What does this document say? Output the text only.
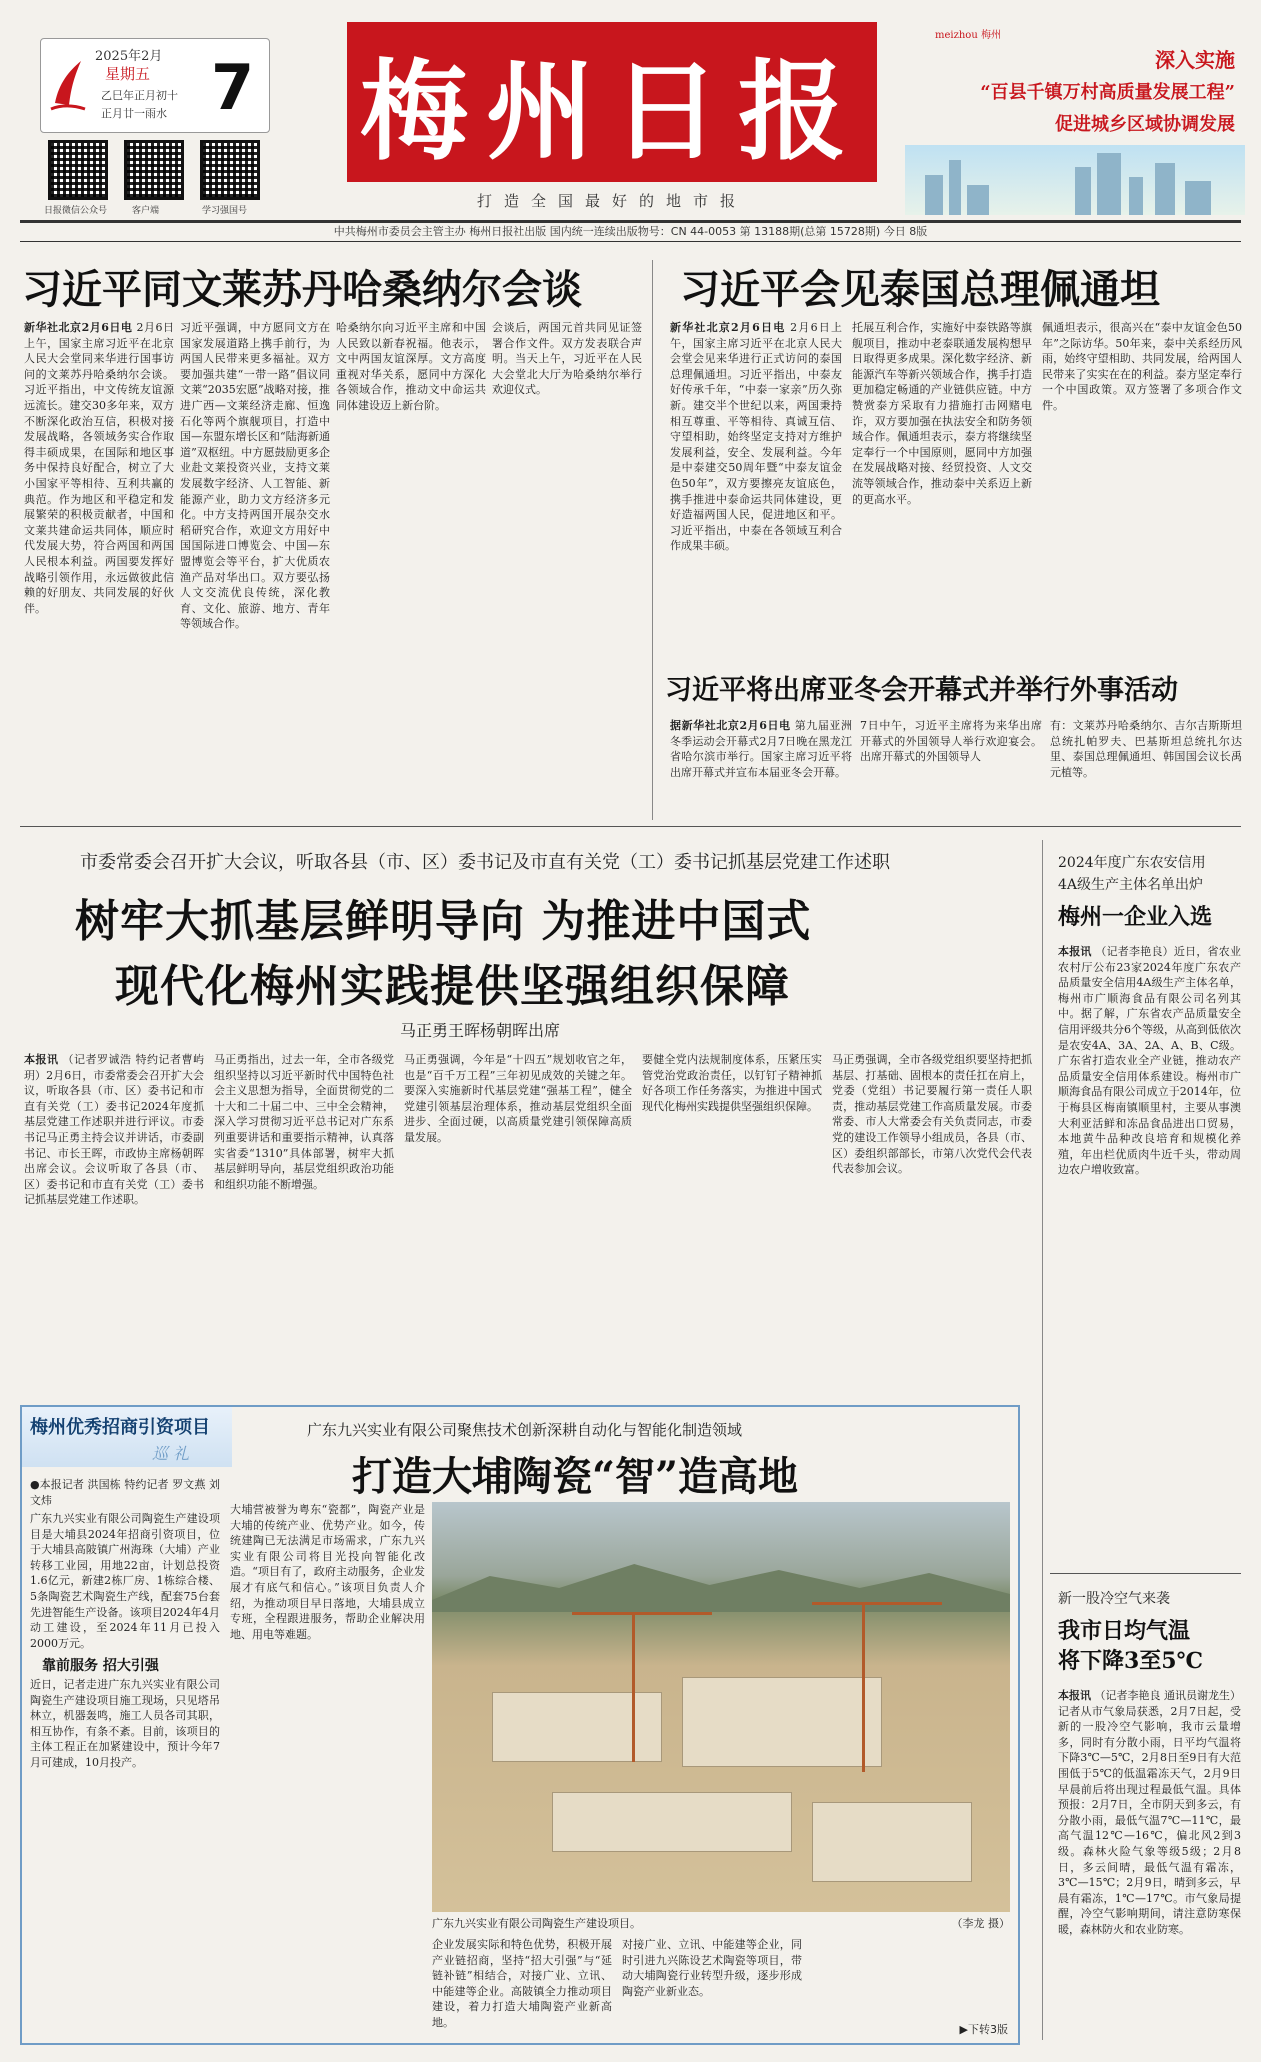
2025年2月
星期五
乙巳年正月初十
正月廿一雨水 7
日报微信公众号	客户端	学习强国号
梅州日报
打造全国最好的地市报
meizhou 梅州
深入实施
“百县千镇万村高质量发展工程”
促进城乡区域协调发展
中共梅州市委员会主管主办 梅州日报社出版 国内统一连续出版物号：CN 44-0053 第 13188期(总第 15728期) 今日 8版
习近平同文莱苏丹哈桑纳尔会谈
新华社北京2月6日电 2月6日上午，国家主席习近平在北京人民大会堂同来华进行国事访问的文莱苏丹哈桑纳尔会谈。习近平指出，中文传统友谊源远流长。建交30多年来，双方不断深化政治互信，积极对接发展战略，各领域务实合作取得丰硕成果，在国际和地区事务中保持良好配合，树立了大小国家平等相待、互利共赢的典范。作为地区和平稳定和发展繁荣的积极贡献者，中国和文莱共建命运共同体，顺应时代发展大势，符合两国和两国人民根本利益。两国要发挥好战略引领作用，永远做彼此信赖的好朋友、共同发展的好伙伴。
习近平强调，中方愿同文方在国家发展道路上携手前行，为两国人民带来更多福祉。双方要加强共建“一带一路”倡议同文莱“2035宏愿”战略对接，推进广西—文莱经济走廊、恒逸石化等两个旗舰项目，打造中国—东盟东增长区和“陆海新通道”双枢纽。中方愿鼓励更多企业赴文莱投资兴业，支持文莱发展数字经济、人工智能、新能源产业，助力文方经济多元化。中方支持两国开展杂交水稻研究合作，欢迎文方用好中国国际进口博览会、中国—东盟博览会等平台，扩大优质农渔产品对华出口。双方要弘扬人文交流优良传统，深化教育、文化、旅游、地方、青年等领域合作。
哈桑纳尔向习近平主席和中国人民致以新春祝福。他表示，文中两国友谊深厚。文方高度重视对华关系，愿同中方深化各领域合作，推动文中命运共同体建设迈上新台阶。
会谈后，两国元首共同见证签署合作文件。双方发表联合声明。当天上午，习近平在人民大会堂北大厅为哈桑纳尔举行欢迎仪式。
习近平会见泰国总理佩通坦
新华社北京2月6日电 2月6日上午，国家主席习近平在北京人民大会堂会见来华进行正式访问的泰国总理佩通坦。习近平指出，中泰友好传承千年，“中泰一家亲”历久弥新。建交半个世纪以来，两国秉持相互尊重、平等相待、真诚互信、守望相助，始终坚定支持对方维护发展利益，安全、发展利益。今年是中泰建交50周年暨“中泰友谊金色50年”，双方要擦亮友谊底色，携手推进中泰命运共同体建设，更好造福两国人民，促进地区和平。习近平指出，中泰在各领域互利合作成果丰硕。
托展互利合作，实施好中泰铁路等旗舰项目，推动中老泰联通发展构想早日取得更多成果。深化数字经济、新能源汽车等新兴领域合作，携手打造更加稳定畅通的产业链供应链。中方赞赏泰方采取有力措施打击网赌电诈，双方要加强在执法安全和防务领域合作。佩通坦表示，泰方将继续坚定奉行一个中国原则，愿同中方加强在发展战略对接、经贸投资、人文交流等领域合作，推动泰中关系迈上新的更高水平。
佩通坦表示，很高兴在“泰中友谊金色50年”之际访华。50年来，泰中关系经历风雨，始终守望相助、共同发展，给两国人民带来了实实在在的利益。泰方坚定奉行一个中国政策。双方签署了多项合作文件。
习近平将出席亚冬会开幕式并举行外事活动
据新华社北京2月6日电 第九届亚洲冬季运动会开幕式2月7日晚在黑龙江省哈尔滨市举行。国家主席习近平将出席开幕式并宣布本届亚冬会开幕。
7日中午，习近平主席将为来华出席开幕式的外国领导人举行欢迎宴会。出席开幕式的外国领导人
有：文莱苏丹哈桑纳尔、吉尔吉斯斯坦总统扎帕罗夫、巴基斯坦总统扎尔达里、泰国总理佩通坦、韩国国会议长禹元植等。
市委常委会召开扩大会议，听取各县（市、区）委书记及市直有关党（工）委书记抓基层党建工作述职
树牢大抓基层鲜明导向 为推进中国式
现代化梅州实践提供坚强组织保障
马正勇王晖杨朝晖出席
本报讯 （记者罗诚浩 特约记者曹屿玥）2月6日，市委常委会召开扩大会议，听取各县（市、区）委书记和市直有关党（工）委书记2024年度抓基层党建工作述职并进行评议。市委书记马正勇主持会议并讲话，市委副书记、市长王晖，市政协主席杨朝晖出席会议。会议听取了各县（市、区）委书记和市直有关党（工）委书记抓基层党建工作述职。
马正勇指出，过去一年，全市各级党组织坚持以习近平新时代中国特色社会主义思想为指导，全面贯彻党的二十大和二十届二中、三中全会精神，深入学习贯彻习近平总书记对广东系列重要讲话和重要指示精神，认真落实省委“1310”具体部署，树牢大抓基层鲜明导向，基层党组织政治功能和组织功能不断增强。
马正勇强调，今年是“十四五”规划收官之年，也是“百千万工程”三年初见成效的关键之年。要深入实施新时代基层党建“强基工程”，健全党建引领基层治理体系，推动基层党组织全面进步、全面过硬，以高质量党建引领保障高质量发展。
要健全党内法规制度体系，压紧压实管党治党政治责任，以钉钉子精神抓好各项工作任务落实，为推进中国式现代化梅州实践提供坚强组织保障。
马正勇强调，全市各级党组织要坚持把抓基层、打基础、固根本的责任扛在肩上，党委（党组）书记要履行第一责任人职责，推动基层党建工作高质量发展。市委常委、市人大常委会有关负责同志，市委党的建设工作领导小组成员，各县（市、区）委组织部部长，市第八次党代会代表代表参加会议。
2024年度广东农安信用
4A级生产主体名单出炉
梅州一企业入选
本报讯 （记者李艳良）近日，省农业农村厅公布23家2024年度广东农产品质量安全信用4A级生产主体名单，梅州市广顺海食品有限公司名列其中。据了解，广东省农产品质量安全信用评级共分6个等级，从高到低依次是农安4A、3A、2A、A、B、C级。广东省打造农业全产业链，推动农产品质量安全信用体系建设。梅州市广顺海食品有限公司成立于2014年，位于梅县区梅南镇顺里村，主要从事澳大利亚活鲜和冻品食品进出口贸易，本地黄牛品种改良培育和规模化养殖，年出栏优质肉牛近千头，带动周边农户增收致富。
新一股冷空气来袭
我市日均气温
将下降3至5℃
本报讯 （记者李艳良 通讯员谢龙生）记者从市气象局获悉，2月7日起，受新的一股冷空气影响，我市云量增多，同时有分散小雨，日平均气温将下降3℃—5℃，2月8日至9日有大范围低于5℃的低温霜冻天气，2月9日早晨前后将出现过程最低气温。具体预报：2月7日，全市阴天到多云，有分散小雨，最低气温7℃—11℃，最高气温12℃—16℃，偏北风2到3级。森林火险气象等级5级；2月8日，多云间晴，最低气温有霜冻，3℃—15℃；2月9日，晴到多云，早晨有霜冻，1℃—17℃。市气象局提醒，冷空气影响期间，请注意防寒保暖，森林防火和农业防寒。
梅州优秀招商引资项目
巡 礼
广东九兴实业有限公司聚焦技术创新深耕自动化与智能化制造领域
打造大埔陶瓷“智”造高地
●本报记者 洪国栋 特约记者 罗文燕 刘文炜
广东九兴实业有限公司陶瓷生产建设项目是大埔县2024年招商引资项目，位于大埔县高陂镇广州海珠（大埔）产业转移工业园，用地22亩，计划总投资1.6亿元，新建2栋厂房、1栋综合楼、5条陶瓷艺术陶瓷生产线，配套75台套先进智能生产设备。该项目2024年4月动工建设，至2024年11月已投入2000万元。
靠前服务 招大引强
近日，记者走进广东九兴实业有限公司陶瓷生产建设项目施工现场，只见塔吊林立，机器轰鸣，施工人员各司其职，相互协作，有条不紊。目前，该项目的主体工程正在加紧建设中，预计今年7月可建成，10月投产。
大埔营被誉为粤东“瓷都”，陶瓷产业是大埔的传统产业、优势产业。如今，传统建陶已无法满足市场需求，广东九兴实业有限公司将目光投向智能化改造。“项目有了，政府主动服务，企业发展才有底气和信心。”该项目负责人介绍，为推动项目早日落地，大埔县成立专班，全程跟进服务，帮助企业解决用地、用电等难题。
广东九兴实业有限公司陶瓷生产建设项目。	（李龙 摄）
企业发展实际和特色优势，积极开展产业链招商，坚持“招大引强”与“延链补链”相结合，对接广业、立讯、中能建等企业。高陂镇全力推动项目建设，着力打造大埔陶瓷产业新高地。
对接广业、立讯、中能建等企业，同时引进九兴陈设艺术陶瓷等项目，带动大埔陶瓷行业转型升级，逐步形成陶瓷产业新业态。
▶下转3版
